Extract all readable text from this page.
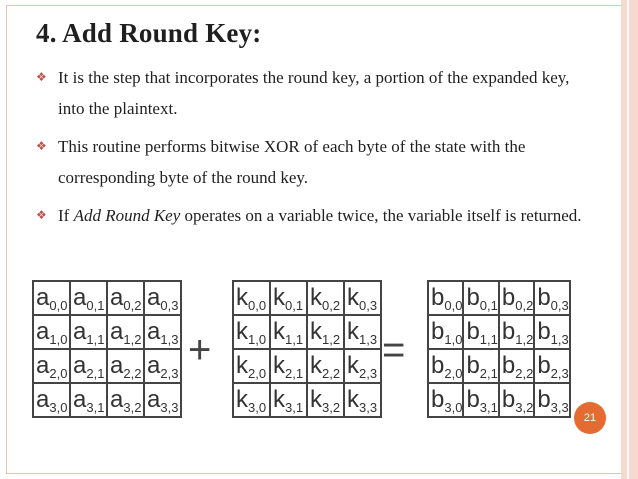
4. Add Round Key:
❖ It is the step that incorporates the round key, a portion of the expanded key, into the plaintext.
❖ This routine performs bitwise XOR of each byte of the state with the corresponding byte of the round key.
❖ If Add Round Key operates on a variable twice, the variable itself is returned.
$a_{0,0}$	$a_{0,1}$	$a_{0,2}$	$a_{0,3}$
$a_{1,0}$	$a_{1,1}$	$a_{1,2}$	$a_{1,3}$
$a_{2,0}$	$a_{2,1}$	$a_{2,2}$	$a_{2,3}$
$a_{3,0}$	$a_{3,1}$	$a_{3,2}$	$a_{3,3}$
+
$k_{0,0}$	$k_{0,1}$	$k_{0,2}$	$k_{0,3}$
$k_{1,0}$	$k_{1,1}$	$k_{1,2}$	$k_{1,3}$
$k_{2,0}$	$k_{2,1}$	$k_{2,2}$	$k_{2,3}$
$k_{3,0}$	$k_{3,1}$	$k_{3,2}$	$k_{3,3}$
=
$b_{0,0}$	$b_{0,1}$	$b_{0,2}$	$b_{0,3}$
$b_{1,0}$	$b_{1,1}$	$b_{1,2}$	$b_{1,3}$
$b_{2,0}$	$b_{2,1}$	$b_{2,2}$	$b_{2,3}$
$b_{3,0}$	$b_{3,1}$	$b_{3,2}$	$b_{3,3}$
21
